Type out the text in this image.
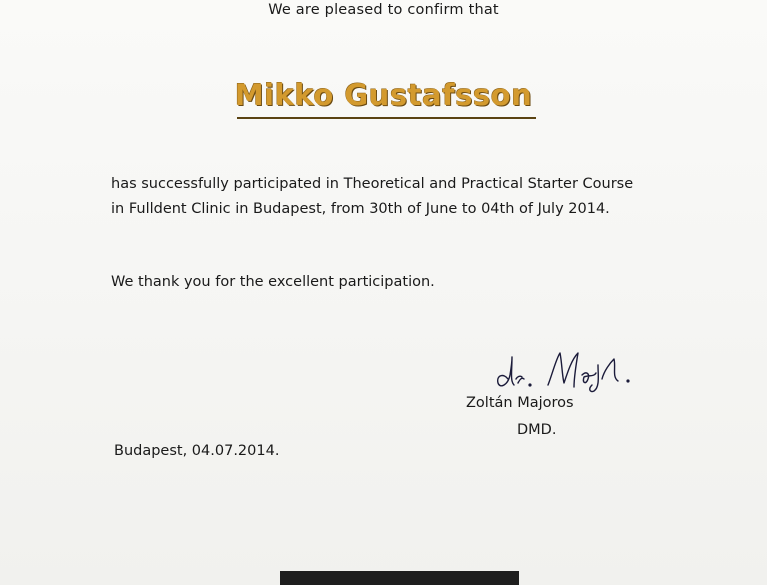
We are pleased to confirm that
Mikko Gustafsson
has successfully participated in Theoretical and Practical Starter Course
in Fulldent Clinic in Budapest, from 30th of June to 04th of July 2014.
We thank you for the excellent participation.
Zoltán Majoros
DMD.
Budapest, 04.07.2014.
